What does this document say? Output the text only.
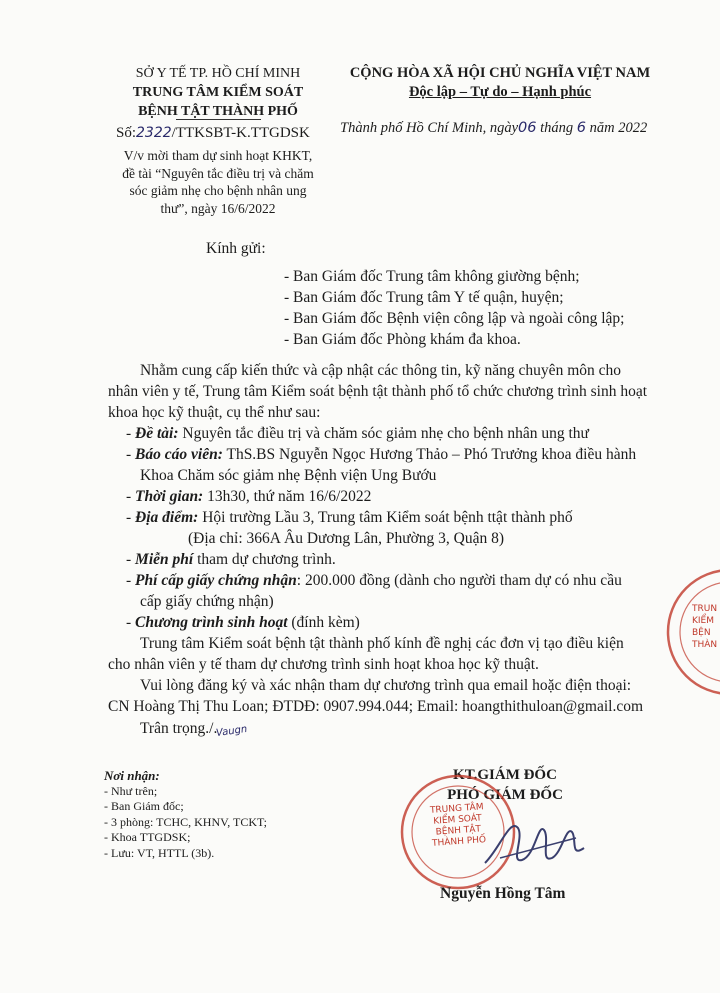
SỞ Y TẾ TP. HỒ CHÍ MINH
TRUNG TÂM KIỂM SOÁT
BỆNH TẬT THÀNH PHỐ
Số:2322/TTKSBT-K.TTGDSK
V/v mời tham dự sinh hoạt KHKT,
đề tài “Nguyên tắc điều trị và chăm
sóc giảm nhẹ cho bệnh nhân ung
thư”, ngày 16/6/2022
CỘNG HÒA XÃ HỘI CHỦ NGHĨA VIỆT NAM
Độc lập – Tự do – Hạnh phúc
Thành phố Hồ Chí Minh, ngày06 tháng 6 năm 2022
Kính gửi:
- Ban Giám đốc Trung tâm không giường bệnh;
- Ban Giám đốc Trung tâm Y tế quận, huyện;
- Ban Giám đốc Bệnh viện công lập và ngoài công lập;
- Ban Giám đốc Phòng khám đa khoa.
Nhằm cung cấp kiến thức và cập nhật các thông tin, kỹ năng chuyên môn cho
nhân viên y tế, Trung tâm Kiểm soát bệnh tật thành phố tổ chức chương trình sinh hoạt
khoa học kỹ thuật, cụ thể như sau:
- Đề tài: Nguyên tắc điều trị và chăm sóc giảm nhẹ cho bệnh nhân ung thư
- Báo cáo viên: ThS.BS Nguyễn Ngọc Hương Thảo – Phó Trưởng khoa điều hành
Khoa Chăm sóc giảm nhẹ Bệnh viện Ung Bướu
- Thời gian: 13h30, thứ năm 16/6/2022
- Địa điểm: Hội trường Lầu 3, Trung tâm Kiểm soát bệnh ttật thành phố
(Địa chỉ: 366A Âu Dương Lân, Phường 3, Quận 8)
- Miễn phí tham dự chương trình.
- Phí cấp giấy chứng nhận: 200.000 đồng (dành cho người tham dự có nhu cầu
cấp giấy chứng nhận)
- Chương trình sinh hoạt (đính kèm)
Trung tâm Kiểm soát bệnh tật thành phố kính đề nghị các đơn vị tạo điều kiện
cho nhân viên y tế tham dự chương trình sinh hoạt khoa học kỹ thuật.
Vui lòng đăng ký và xác nhận tham dự chương trình qua email hoặc điện thoại:
CN Hoàng Thị Thu Loan; ĐTDĐ: 0907.994.044; Email: hoangthithuloan@gmail.com
Trân trọng./.
Vaugn
Nơi nhận:
- Như trên;
- Ban Giám đốc;
- 3 phòng: TCHC, KHNV, TCKT;
- Khoa TTGDSK;
- Lưu: VT, HTTL (3b).
KT.GIÁM ĐỐC
PHÓ GIÁM ĐỐC
TRUNG TÂM
KIỂM SOÁT
BỆNH TẬT
THÀNH PHỐ
Nguyễn Hồng Tâm
TRUN
KIỂM
BỆN
THÀN
